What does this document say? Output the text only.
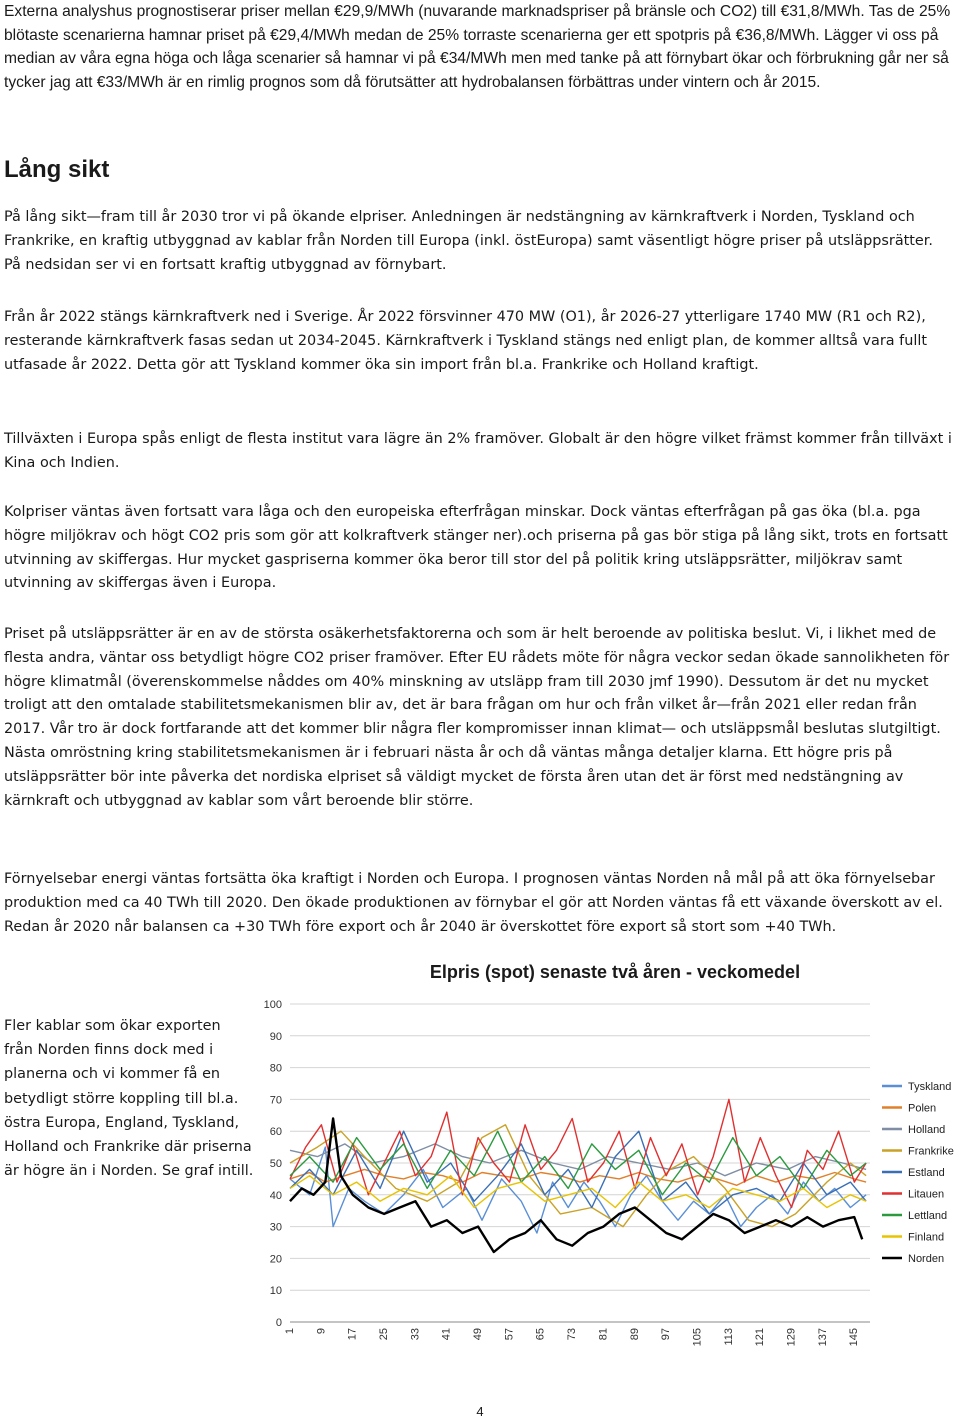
Externa analyshus prognostiserar priser mellan €29,9/MWh (nuvarande marknadspriser på bränsle och CO2) till €31,8/MWh. Tas de 25% blötaste scenarierna hamnar priset på €29,4/MWh medan de 25% torraste scenarierna ger ett spotpris på €36,8/MWh. Lägger vi oss på median av våra egna höga och låga scenarier så hamnar vi på €34/MWh men med tanke på att förnybart ökar och förbrukning går ner så tycker jag att €33/MWh är en rimlig prognos som då förutsätter att hydrobalansen förbättras under vintern och år 2015.

Lång sikt

På lång sikt—fram till år 2030 tror vi på ökande elpriser. Anledningen är nedstängning av kärnkraftverk i Norden, Tyskland och Frankrike, en kraftig utbyggnad av kablar från Norden till Europa (inkl. östEuropa) samt väsentligt högre priser på utsläppsrätter. På nedsidan ser vi en fortsatt kraftig utbyggnad av förnybart.

Från år 2022 stängs kärnkraftverk ned i Sverige. År 2022 försvinner 470 MW (O1), år 2026-27 ytterligare 1740 MW (R1 och R2), resterande kärnkraftverk fasas sedan ut 2034-2045. Kärnkraftverk i Tyskland stängs ned enligt plan, de kommer alltså vara fullt utfasade år 2022. Detta gör att Tyskland kommer öka sin import från bl.a. Frankrike och Holland kraftigt.

Tillväxten i Europa spås enligt de flesta institut vara lägre än 2% framöver. Globalt är den högre vilket främst kommer från tillväxt i Kina och Indien.

Kolpriser väntas även fortsatt vara låga och den europeiska efterfrågan minskar. Dock väntas efterfrågan på gas öka (bl.a. pga högre miljökrav och högt CO2 pris som gör att kolkraftverk stänger ner).och priserna på gas bör stiga på lång sikt, trots en fortsatt utvinning av skiffergas. Hur mycket gaspriserna kommer öka beror till stor del på politik kring utsläppsrätter, miljökrav samt utvinning av skiffergas även i Europa.

Priset på utsläppsrätter är en av de största osäkerhetsfaktorerna och som är helt beroende av politiska beslut. Vi, i likhet med de flesta andra, väntar oss betydligt högre CO2 priser framöver. Efter EU rådets möte för några veckor sedan ökade sannolikheten för högre klimatmål (överenskommelse nåddes om 40% minskning av utsläpp fram till 2030 jmf 1990). Dessutom är det nu mycket troligt att den omtalade stabilitetsmekanismen blir av, det är bara frågan om hur och från vilket år—från 2021 eller redan från 2017. Vår tro är dock fortfarande att det kommer blir några fler kompromisser innan klimat— och utsläppsmål beslutas slutgiltigt. Nästa omröstning kring stabilitetsmekanismen är i februari nästa år och då väntas många detaljer klarna. Ett högre pris på utsläppsrätter bör inte påverka det nordiska elpriset så väldigt mycket de första åren utan det är först med nedstängning av kärnkraft och utbyggnad av kablar som vårt beroende blir större.

Förnyelsebar energi väntas fortsätta öka kraftigt i Norden och Europa. I prognosen väntas Norden nå mål på att öka förnyelsebar produktion med ca 40 TWh till 2020. Den ökade produktionen av förnybar el gör att Norden väntas få ett växande överskott av el. Redan år 2020 når balansen ca +30 TWh före export och år 2040 är överskottet före export så stort som +40 TWh.

Fler kablar som ökar exporten från Norden finns dock med i planerna och vi kommer få en betydligt större koppling till bl.a. östra Europa, England, Tyskland, Holland och Frankrike där priserna är högre än i Norden. Se graf intill.

Elpris (spot) senaste två åren - veckomedel

0
10
20
30
40
50
60
70
80
90
100
1 9 17 25 33 41 49 57 65 73 81 89 97 105 113 121 129 137 145
Tyskland
Polen
Holland
Frankrike
Estland
Litauen
Lettland
Finland
Norden

4
